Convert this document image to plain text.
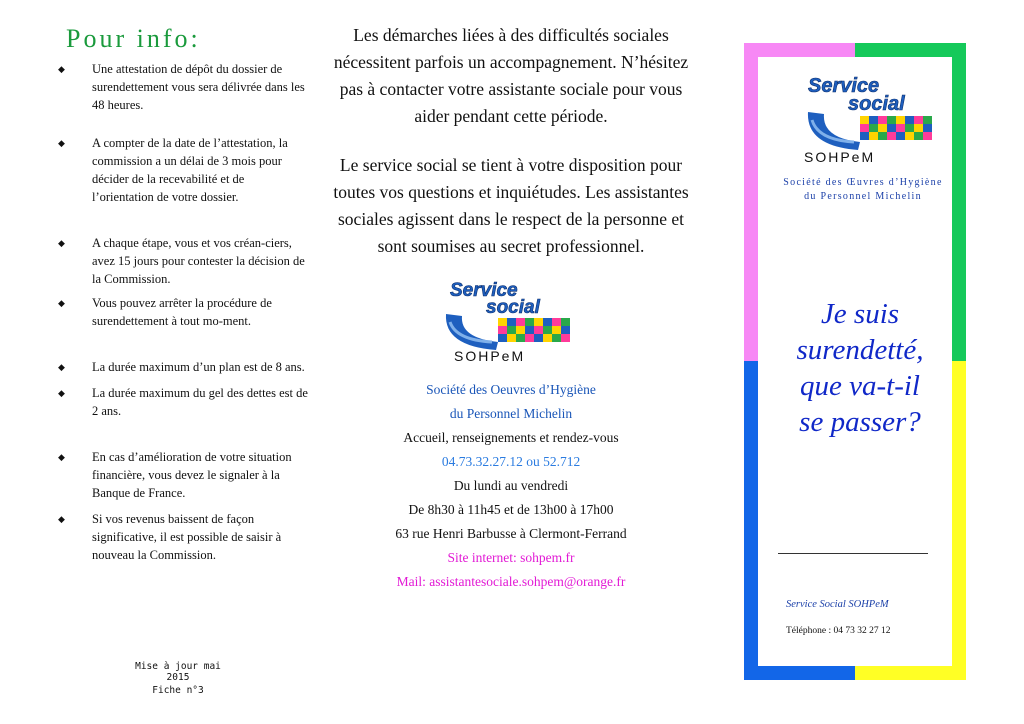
Pour info:
◆ Une attestation de dépôt du dossier de surendettement vous sera délivrée dans les 48 heures.
◆ A compter de la date de l’attestation, la commission a un délai de 3 mois pour décider de la recevabilité et de l’orientation de votre dossier.
◆ A chaque étape, vous et vos créan-ciers, avez 15 jours pour contester la décision de la Commission.
◆ Vous pouvez arrêter la procédure de surendettement à tout mo-ment.
◆ La durée maximum d’un plan est de 8 ans.
◆ La durée maximum du gel des dettes est de 2 ans.
◆ En cas d’amélioration de votre situation financière, vous devez le signaler à la Banque de France.
◆ Si vos revenus baissent de façon significative, il est possible de saisir à nouveau la Commission.
Mise à jour mai 2015
Fiche n°3

Les démarches liées à des difficultés sociales nécessitent parfois un accompagnement. N’hésitez pas à contacter votre assistante sociale pour vous aider pendant cette période.

Le service social se tient à votre disposition pour toutes vos questions et inquiétudes. Les assistantes sociales agissent dans le respect de la personne et sont soumises au secret professionnel.

Service
social
SOHPeM
Société des Oeuvres d’Hygiène
du Personnel Michelin
Accueil, renseignements et rendez-vous
04.73.32.27.12 ou 52.712
Du lundi au vendredi
De 8h30 à 11h45 et de 13h00 à 17h00
63 rue Henri Barbusse à Clermont-Ferrand
Site internet: sohpem.fr
Mail: assistantesociale.sohpem@orange.fr
Service
social
SOHPeM
Société des Œuvres d’Hygiène du Personnel Michelin
Je suis
surendetté,
que va-t-il
se passer?
Service Social SOHPeM
Téléphone : 04 73 32 27 12
